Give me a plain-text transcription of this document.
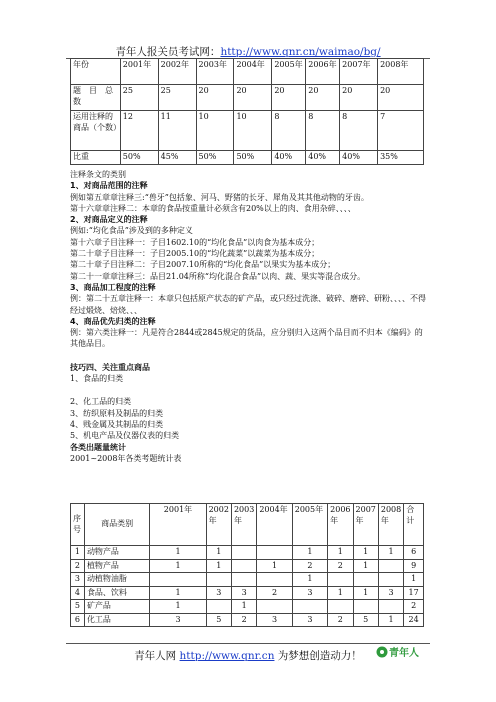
青年人报关员考试网：http://www.qnr.cn/waimao/bg/
年份	2001年	2002年	2003年	2004年	2005年	2006年	2007年	2008年
题　目　总　数	25	25	20	20	20	20	20	20
运用注释的商品（个数）	12	11	10	10	8	8	8	7
比重	50%	45%	50%	50%	40%	40%	40%	35%

注释条文的类别

1、对商品范围的注释

例如第五章章注释三:“兽牙”包括象、河马、野猪的长牙、犀角及其其他动物的牙齿。

第十六章章注释二：本章的食品按重量计必须含有20%以上的肉、食用杂碎、、、、

2、对商品定义的注释

例如:“均化食品”涉及到的多种定义

第十六章子目注释一：子目1602.10的“均化食品”以肉食为基本成分；

第二十章子目注释一：子目2005.10的“均化蔬菜”以蔬菜为基本成分；

第二十章子目注释二：子目2007.10所称的“均化食品”以果实为基本成分；

第二十一章章注释三：品目21.04所称“均化混合食品”以肉、蔬、果实等混合成分。

3、商品加工程度的注释

例：第二十五章注释一：本章只包括原产状态的矿产品，或只经过洗涤、破碎、磨碎、研粉、、、、不得经过煅烧、焙烧、、、

4、商品优先归类的注释

例：第六类注释一：凡是符合2844或2845规定的货品，应分别归入这两个品目而不归本《编码》的其他品目。

技巧四、关注重点商品

1、食品的归类

2、化工品的归类

3、纺织原料及制品的归类

4、贱金属及其制品的归类

5、机电产品及仪器仪表的归类

各类出题量统计

2001~2008年各类考题统计表

序号	商品类别	2001年	2002年	2003年	2004年	2005年	2006年	2007年	2008年	合计
1	动物产品	1	1			1	1	1	1	6
2	植物产品	1	1		1	2	2	1		9
3	动植物油脂					1				1
4	食品、饮料	1	3	3	2	3	1	1	3	17
5	矿产品	1		1						2
6	化工品	3	5	2	3	3	2	5	1	24
青年人网 http://www.qnr.cn 为梦想创造动力！	青年人
